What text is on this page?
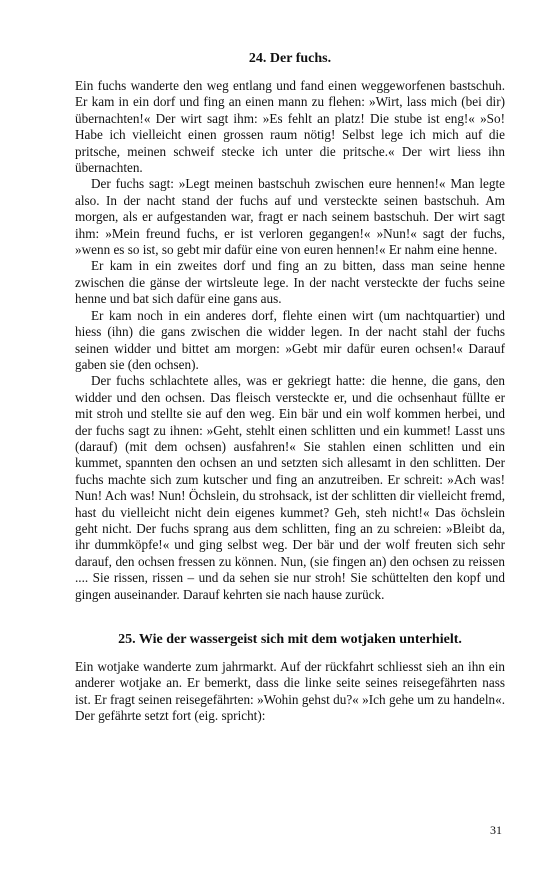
24. Der fuchs.

Ein fuchs wanderte den weg entlang und fand einen weggeworfenen bastschuh. Er kam in ein dorf und fing an einen mann zu flehen: »Wirt, lass mich (bei dir) übernachten!« Der wirt sagt ihm: »Es fehlt an platz! Die stube ist eng!« »So! Habe ich vielleicht einen grossen raum nötig! Selbst lege ich mich auf die pritsche, meinen schweif stecke ich unter die pritsche.« Der wirt liess ihn übernachten.

Der fuchs sagt: »Legt meinen bastschuh zwischen eure hennen!« Man legte also. In der nacht stand der fuchs auf und versteckte seinen bastschuh. Am morgen, als er aufgestanden war, fragt er nach seinem bastschuh. Der wirt sagt ihm: »Mein freund fuchs, er ist verloren gegangen!« »Nun!« sagt der fuchs, »wenn es so ist, so gebt mir dafür eine von euren hennen!« Er nahm eine henne.

Er kam in ein zweites dorf und fing an zu bitten, dass man seine henne zwischen die gänse der wirtsleute lege. In der nacht versteckte der fuchs seine henne und bat sich dafür eine gans aus.

Er kam noch in ein anderes dorf, flehte einen wirt (um nachtquartier) und hiess (ihn) die gans zwischen die widder legen. In der nacht stahl der fuchs seinen widder und bittet am morgen: »Gebt mir dafür euren ochsen!« Darauf gaben sie (den ochsen).

Der fuchs schlachtete alles, was er gekriegt hatte: die henne, die gans, den widder und den ochsen. Das fleisch versteckte er, und die ochsenhaut füllte er mit stroh und stellte sie auf den weg. Ein bär und ein wolf kommen herbei, und der fuchs sagt zu ihnen: »Geht, stehlt einen schlitten und ein kummet! Lasst uns (darauf) (mit dem ochsen) ausfahren!« Sie stahlen einen schlitten und ein kummet, spannten den ochsen an und setzten sich allesamt in den schlitten. Der fuchs machte sich zum kutscher und fing an anzutreiben. Er schreit: »Ach was! Nun! Ach was! Nun! Öchslein, du strohsack, ist der schlitten dir vielleicht fremd, hast du vielleicht nicht dein eigenes kummet? Geh, steh nicht!« Das öchslein geht nicht. Der fuchs sprang aus dem schlitten, fing an zu schreien: »Bleibt da, ihr dummköpfe!« und ging selbst weg. Der bär und der wolf freuten sich sehr darauf, den ochsen fressen zu können. Nun, (sie fingen an) den ochsen zu reissen .... Sie rissen, rissen – und da sehen sie nur stroh! Sie schüttelten den kopf und gingen auseinander. Darauf kehrten sie nach hause zurück.

25. Wie der wassergeist sich mit dem wotjaken unterhielt.

Ein wotjake wanderte zum jahrmarkt. Auf der rückfahrt schliesst sieh an ihn ein anderer wotjake an. Er bemerkt, dass die linke seite seines reisegefährten nass ist. Er fragt seinen reisegefährten: »Wohin gehst du?« »Ich gehe um zu handeln«. Der gefährte setzt fort (eig. spricht):

31
